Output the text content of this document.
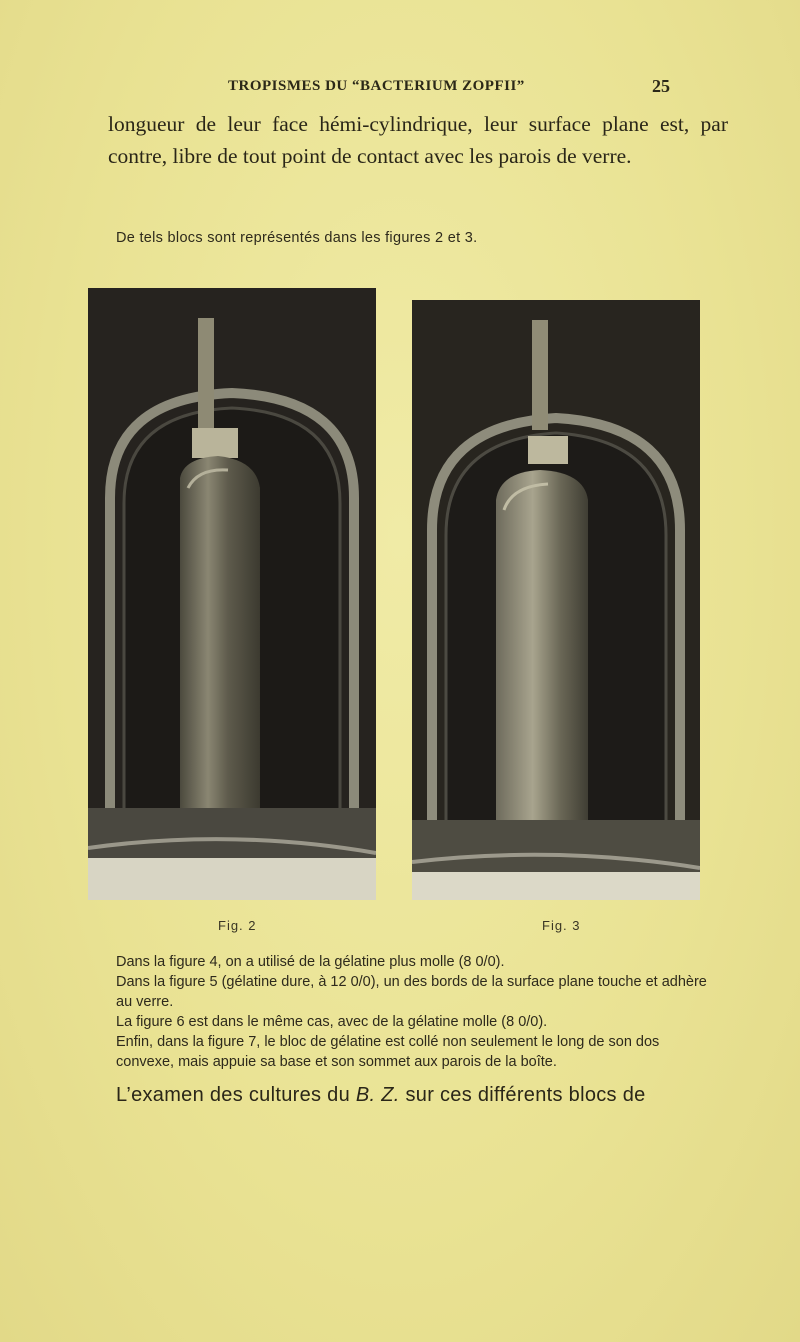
TROPISMES DU “BACTERIUM ZOPFII”	25

longueur de leur face hémi-cylindrique, leur surface plane est, par contre, libre de tout point de contact avec les parois de verre.

De tels blocs sont représentés dans les figures 2 et 3.

Fig. 2	Fig. 3

Dans la figure 4, on a utilisé de la gélatine plus molle (8 0/0).

Dans la figure 5 (gélatine dure, à 12 0/0), un des bords de la surface plane touche et adhère au verre.

La figure 6 est dans le même cas, avec de la gélatine molle (8 0/0).

Enfin, dans la figure 7, le bloc de gélatine est collé non seulement le long de son dos convexe, mais appuie sa base et son sommet aux parois de la boîte.

L’examen des cultures du B. Z. sur ces différents blocs de
